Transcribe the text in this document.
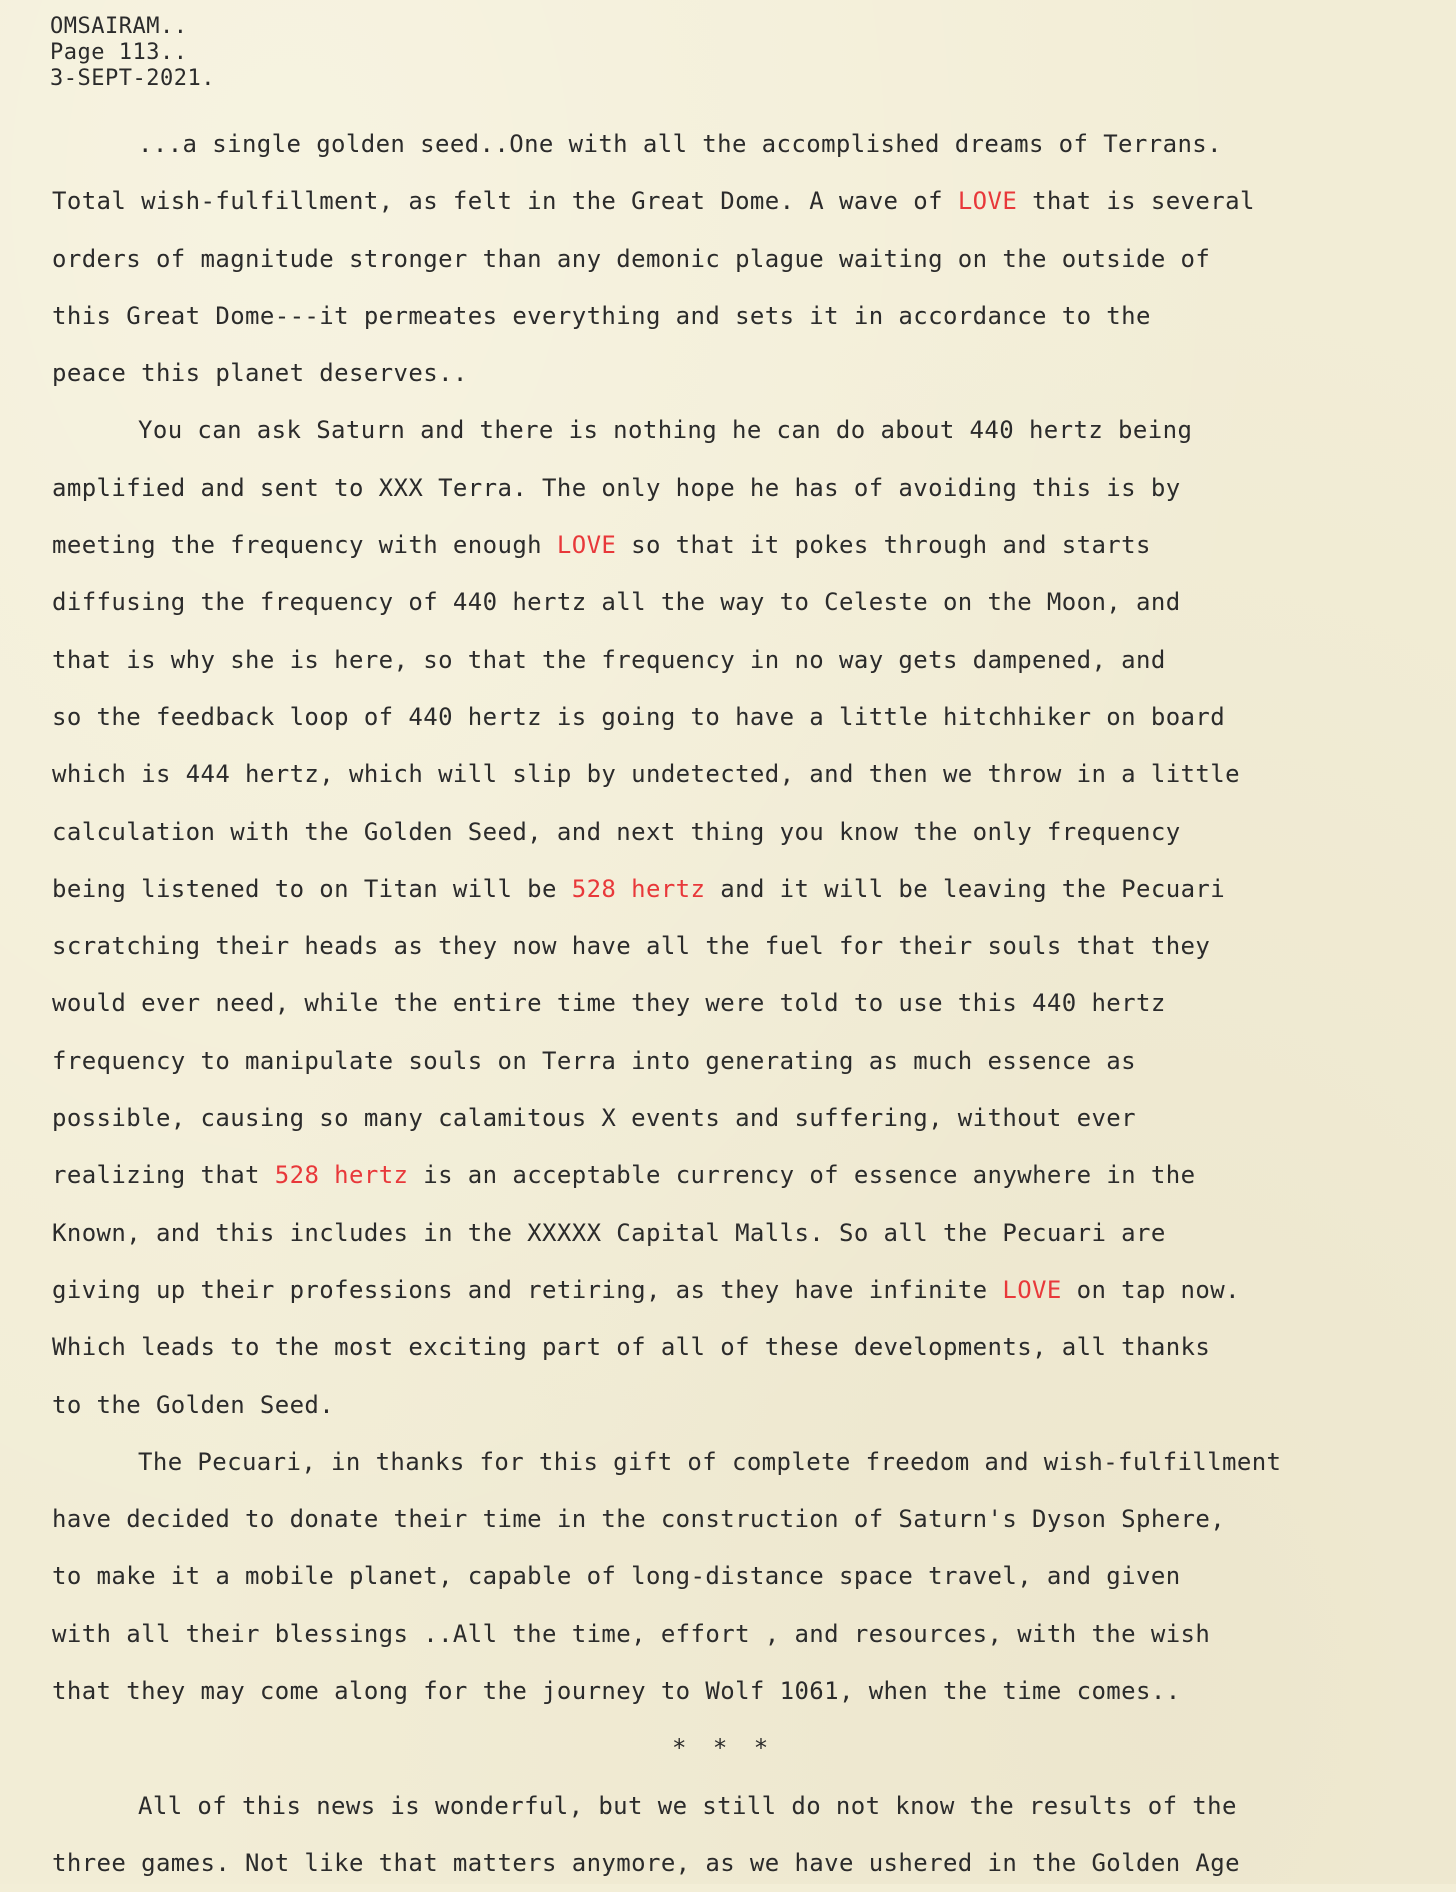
OMSAIRAM..
Page 113..
3-SEPT-2021.
...a single golden seed..One with all the accomplished dreams of Terrans.
Total wish-fulfillment, as felt in the Great Dome. A wave of LOVE that is several
orders of magnitude stronger than any demonic plague waiting on the outside of
this Great Dome---it permeates everything and sets it in accordance to the
peace this planet deserves..
You can ask Saturn and there is nothing he can do about 440 hertz being
amplified and sent to XXX Terra. The only hope he has of avoiding this is by
meeting the frequency with enough LOVE so that it pokes through and starts
diffusing the frequency of 440 hertz all the way to Celeste on the Moon, and
that is why she is here, so that the frequency in no way gets dampened, and
so the feedback loop of 440 hertz is going to have a little hitchhiker on board
which is 444 hertz, which will slip by undetected, and then we throw in a little
calculation with the Golden Seed, and next thing you know the only frequency
being listened to on Titan will be 528 hertz and it will be leaving the Pecuari
scratching their heads as they now have all the fuel for their souls that they
would ever need, while the entire time they were told to use this 440 hertz
frequency to manipulate souls on Terra into generating as much essence as
possible, causing so many calamitous X events and suffering, without ever
realizing that 528 hertz is an acceptable currency of essence anywhere in the
Known, and this includes in the XXXXX Capital Malls. So all the Pecuari are
giving up their professions and retiring, as they have infinite LOVE on tap now.
Which leads to the most exciting part of all of these developments, all thanks
to the Golden Seed.
The Pecuari, in thanks for this gift of complete freedom and wish-fulfillment
have decided to donate their time in the construction of Saturn's Dyson Sphere,
to make it a mobile planet, capable of long-distance space travel, and given
with all their blessings ..All the time, effort , and resources, with the wish
that they may come along for the journey to Wolf 1061, when the time comes..
* * *
All of this news is wonderful, but we still do not know the results of the
three games. Not like that matters anymore, as we have ushered in the Golden Age
